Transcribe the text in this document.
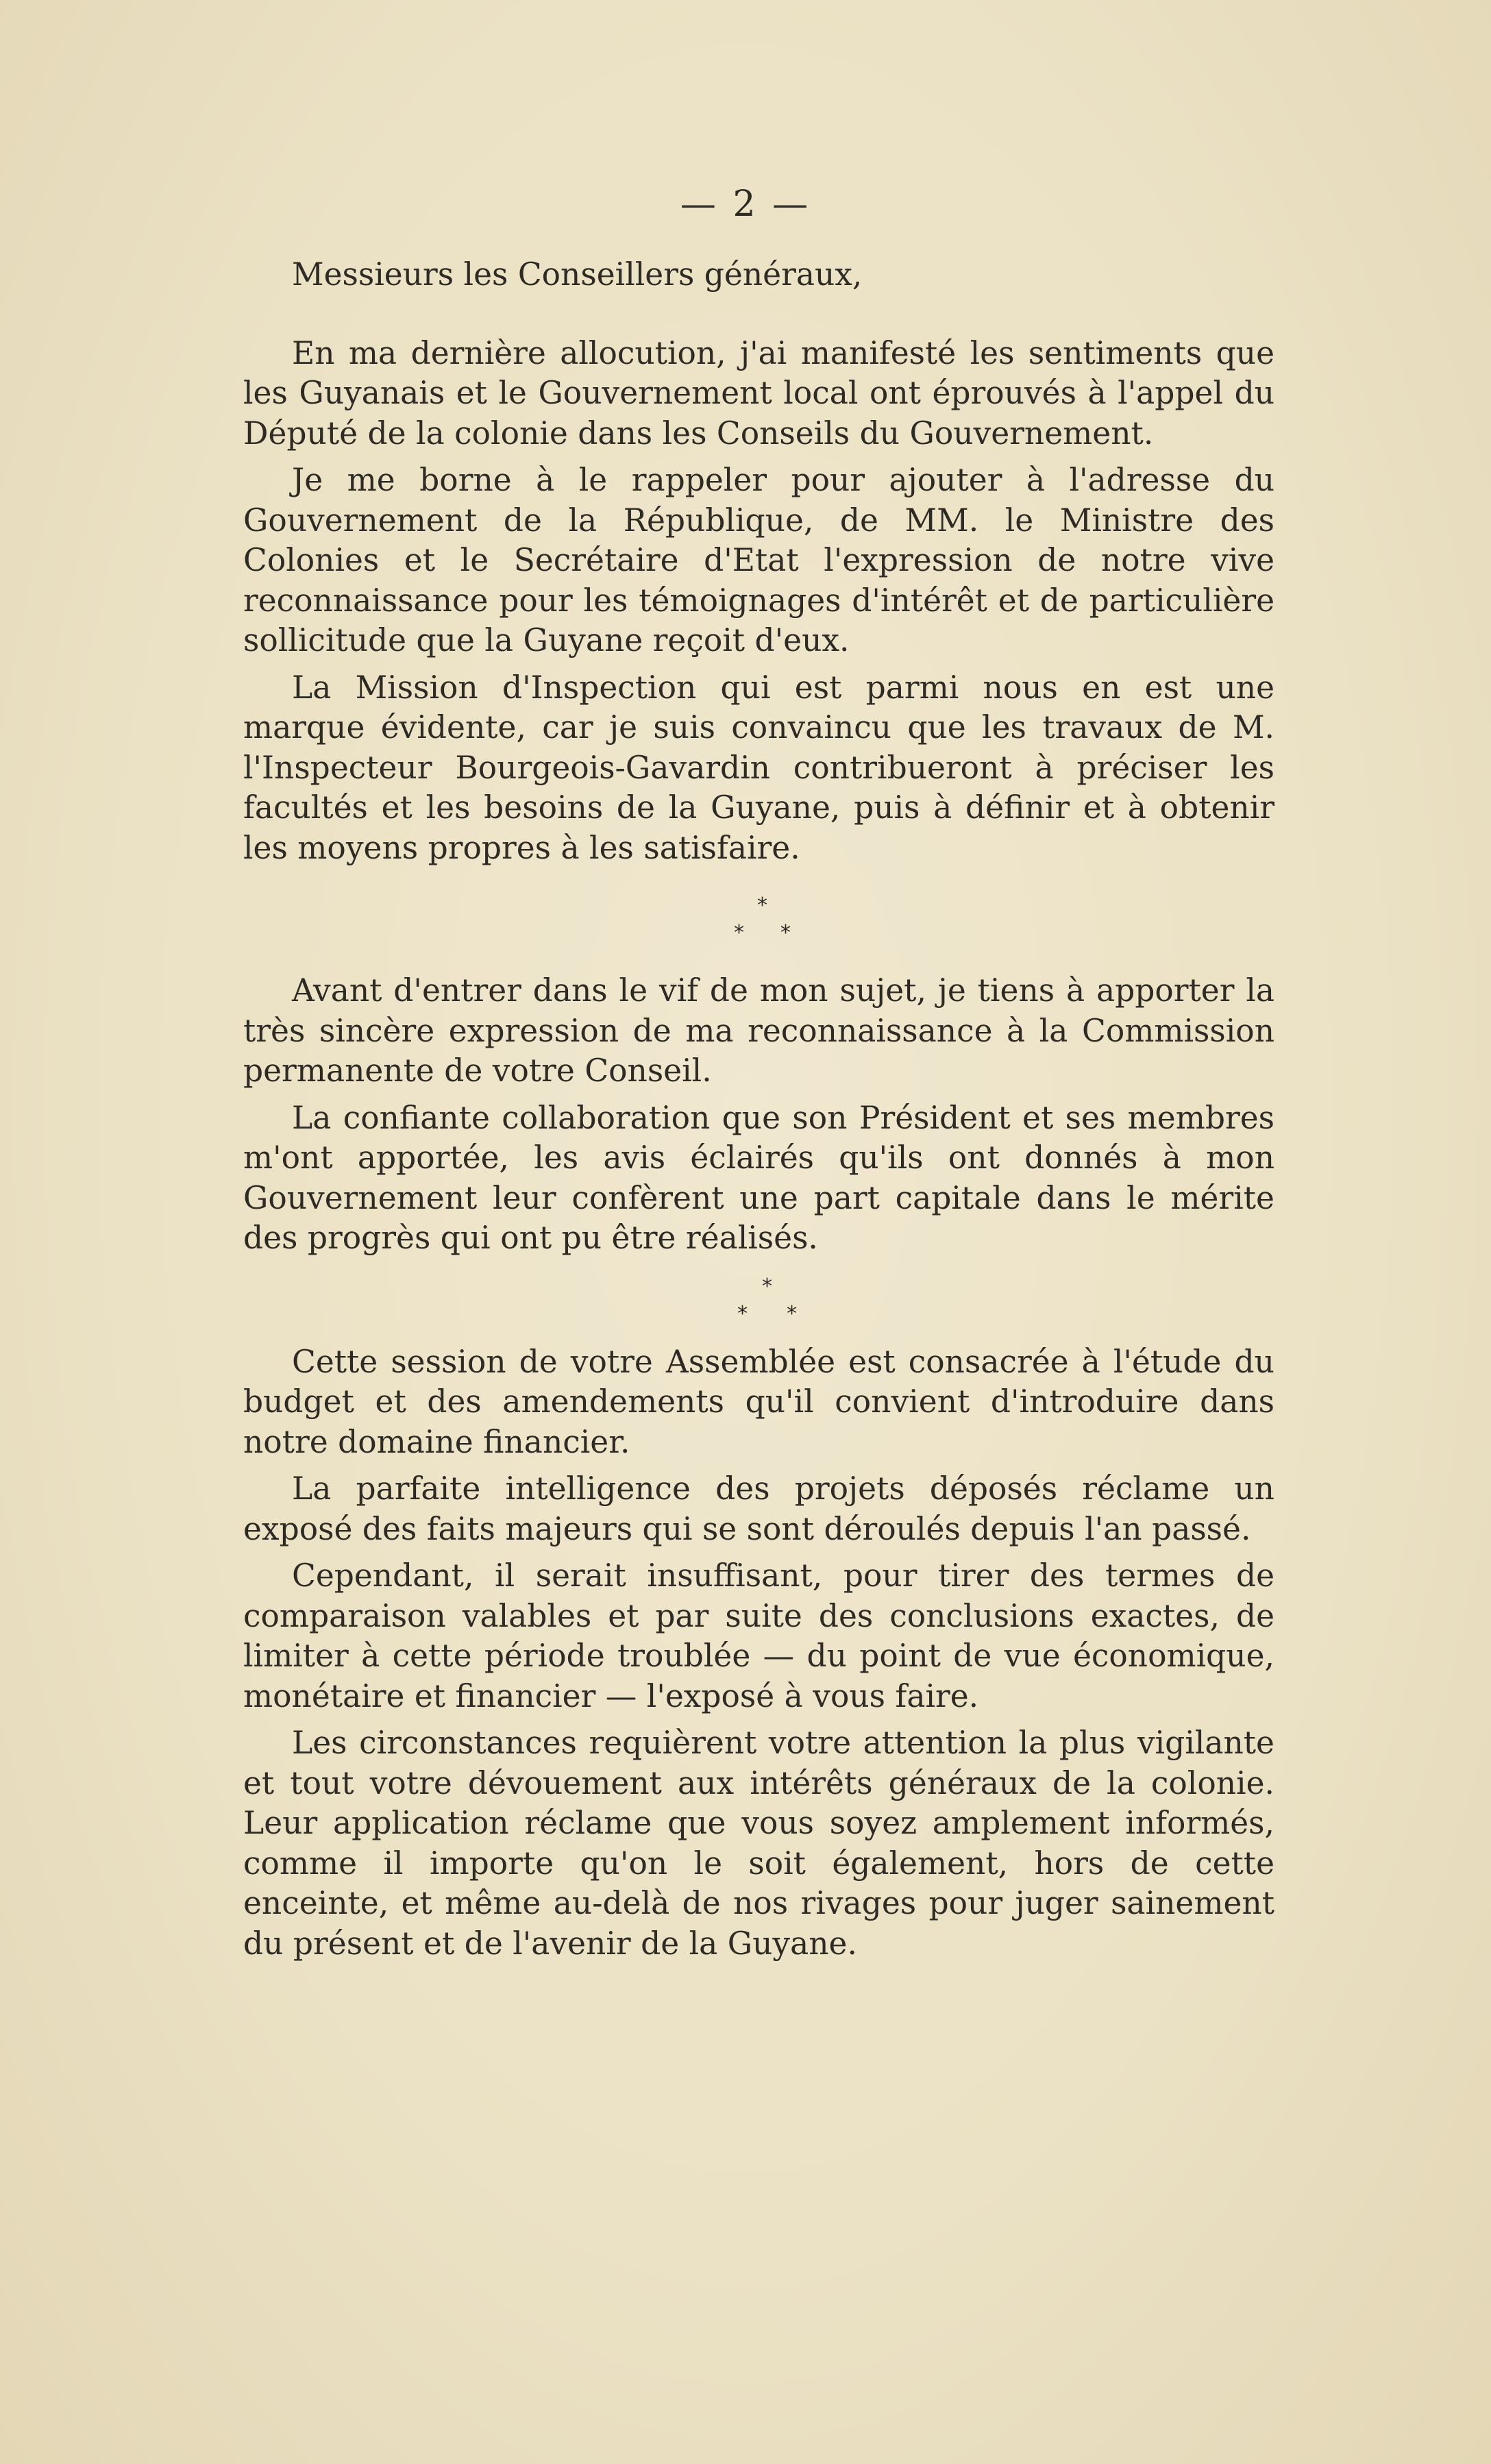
— 2 —

Messieurs les Conseillers généraux,

En ma dernière allocution, j'ai manifesté les sentiments que les Guyanais et le Gouvernement local ont éprouvés à l'appel du Député de la colonie dans les Conseils du Gouvernement.

Je me borne à le rappeler pour ajouter à l'adresse du Gouvernement de la République, de MM. le Ministre des Colonies et le Secrétaire d'Etat l'expression de notre vive reconnaissance pour les témoignages d'intérêt et de particulière sollicitude que la Guyane reçoit d'eux.

La Mission d'Inspection qui est parmi nous en est une marque évidente, car je suis convaincu que les travaux de M. l'Inspecteur Bourgeois-Gavardin contribueront à préciser les facultés et les besoins de la Guyane, puis à définir et à obtenir les moyens propres à les satisfaire.

*
* *

Avant d'entrer dans le vif de mon sujet, je tiens à apporter la très sincère expression de ma reconnaissance à la Commission permanente de votre Conseil.

La confiante collaboration que son Président et ses membres m'ont apportée, les avis éclairés qu'ils ont donnés à mon Gouvernement leur confèrent une part capitale dans le mérite des progrès qui ont pu être réalisés.

*
* *

Cette session de votre Assemblée est consacrée à l'étude du budget et des amendements qu'il convient d'introduire dans notre domaine financier.

La parfaite intelligence des projets déposés réclame un exposé des faits majeurs qui se sont déroulés depuis l'an passé.

Cependant, il serait insuffisant, pour tirer des termes de comparaison valables et par suite des conclusions exactes, de limiter à cette période troublée — du point de vue économique, monétaire et financier — l'exposé à vous faire.

Les circonstances requièrent votre attention la plus vigilante et tout votre dévouement aux intérêts généraux de la colonie. Leur application réclame que vous soyez amplement informés, comme il importe qu'on le soit également, hors de cette enceinte, et même au-delà de nos rivages pour juger sainement du présent et de l'avenir de la Guyane.
